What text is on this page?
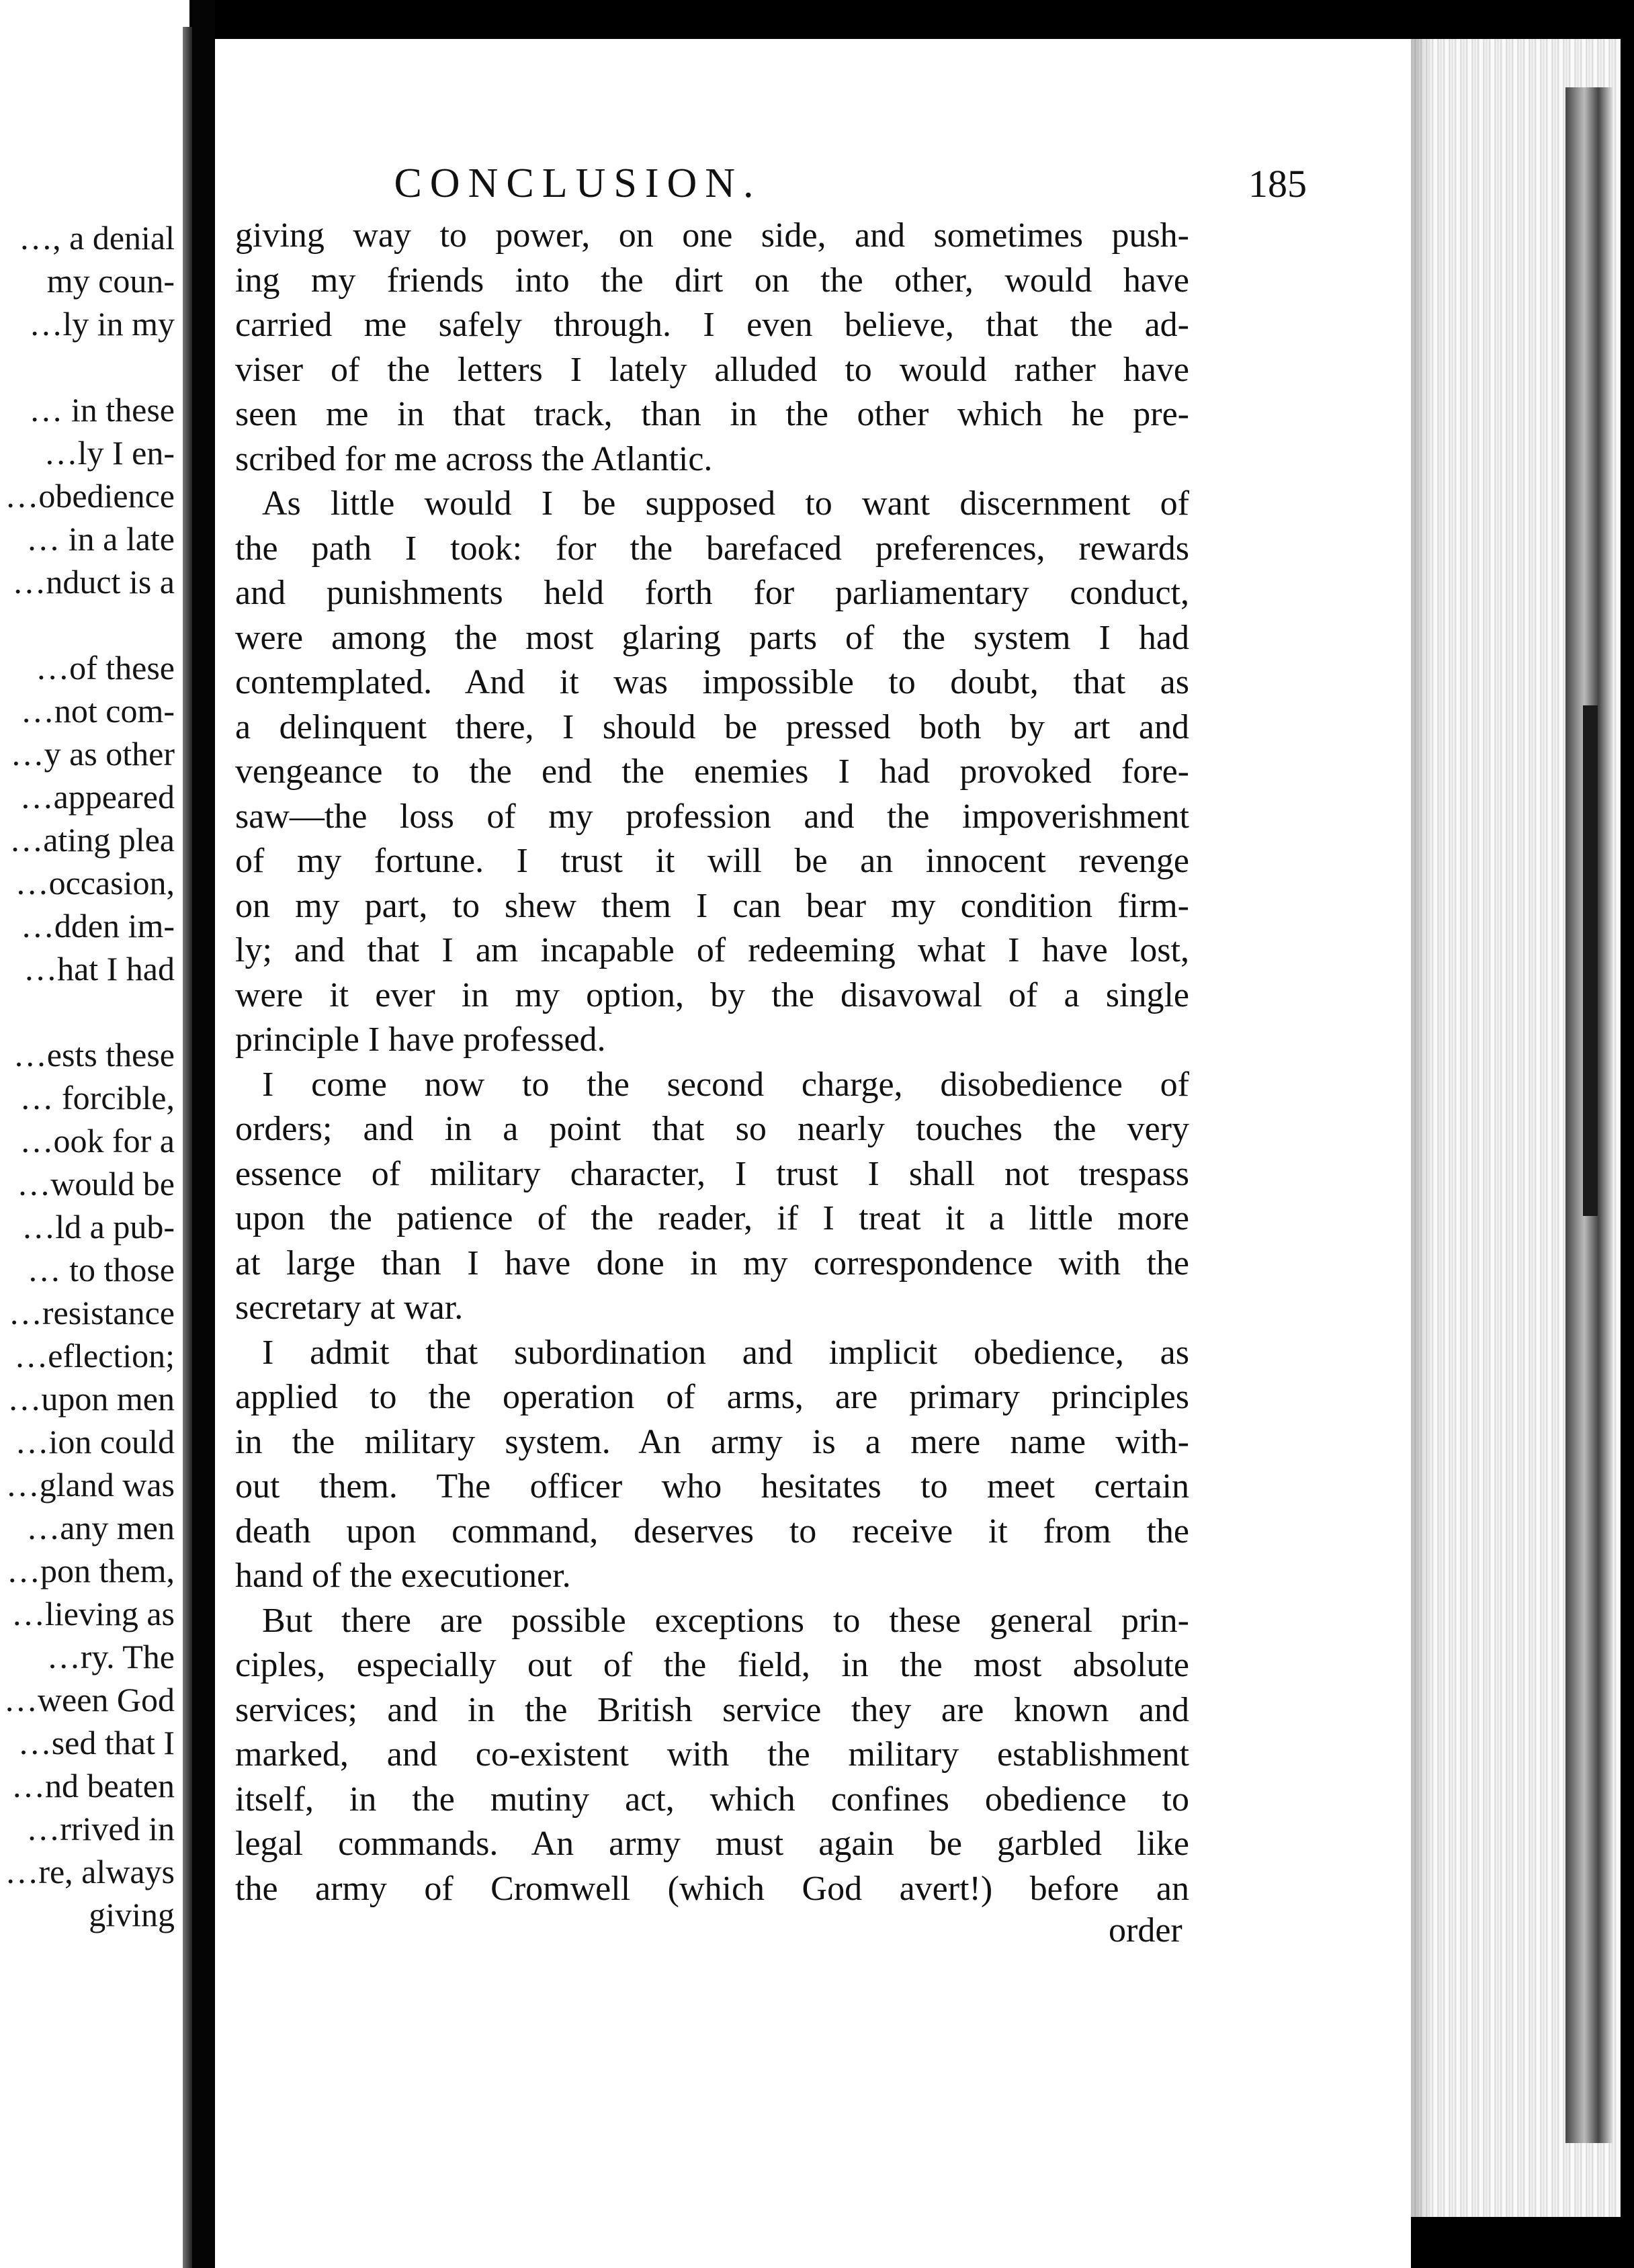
…, a denial
my coun-
…ly in my
… in these
…ly I en-
…obedience
… in a late
…nduct is a
…of these
…not com-
…y as other
…appeared
…ating plea
…occasion,
…dden im-
…hat I had
…ests these
… forcible,
…ook for a
…would be
…ld a pub-
… to those
…resistance
…eflection;
…upon men
…ion could
…gland was
…any men
…pon them,
…lieving as
…ry. The
…ween God
…sed that I
…nd beaten
…rrived in
…re, always
giving
CONCLUSION.	185
giving way to power, on one side, and sometimes push-
ing my friends into the dirt on the other, would have
carried me safely through. I even believe, that the ad-
viser of the letters I lately alluded to would rather have
seen me in that track, than in the other which he pre-
scribed for me across the Atlantic.
As little would I be supposed to want discernment of
the path I took: for the barefaced preferences, rewards
and punishments held forth for parliamentary conduct,
were among the most glaring parts of the system I had
contemplated. And it was impossible to doubt, that as
a delinquent there, I should be pressed both by art and
vengeance to the end the enemies I had provoked fore-
saw—the loss of my profession and the impoverishment
of my fortune. I trust it will be an innocent revenge
on my part, to shew them I can bear my condition firm-
ly; and that I am incapable of redeeming what I have lost,
were it ever in my option, by the disavowal of a single
principle I have professed.
I come now to the second charge, disobedience of
orders; and in a point that so nearly touches the very
essence of military character, I trust I shall not trespass
upon the patience of the reader, if I treat it a little more
at large than I have done in my correspondence with the
secretary at war.
I admit that subordination and implicit obedience, as
applied to the operation of arms, are primary principles
in the military system. An army is a mere name with-
out them. The officer who hesitates to meet certain
death upon command, deserves to receive it from the
hand of the executioner.
But there are possible exceptions to these general prin-
ciples, especially out of the field, in the most absolute
services; and in the British service they are known and
marked, and co-existent with the military establishment
itself, in the mutiny act, which confines obedience to
legal commands. An army must again be garbled like
the army of Cromwell (which God avert!) before an
order
